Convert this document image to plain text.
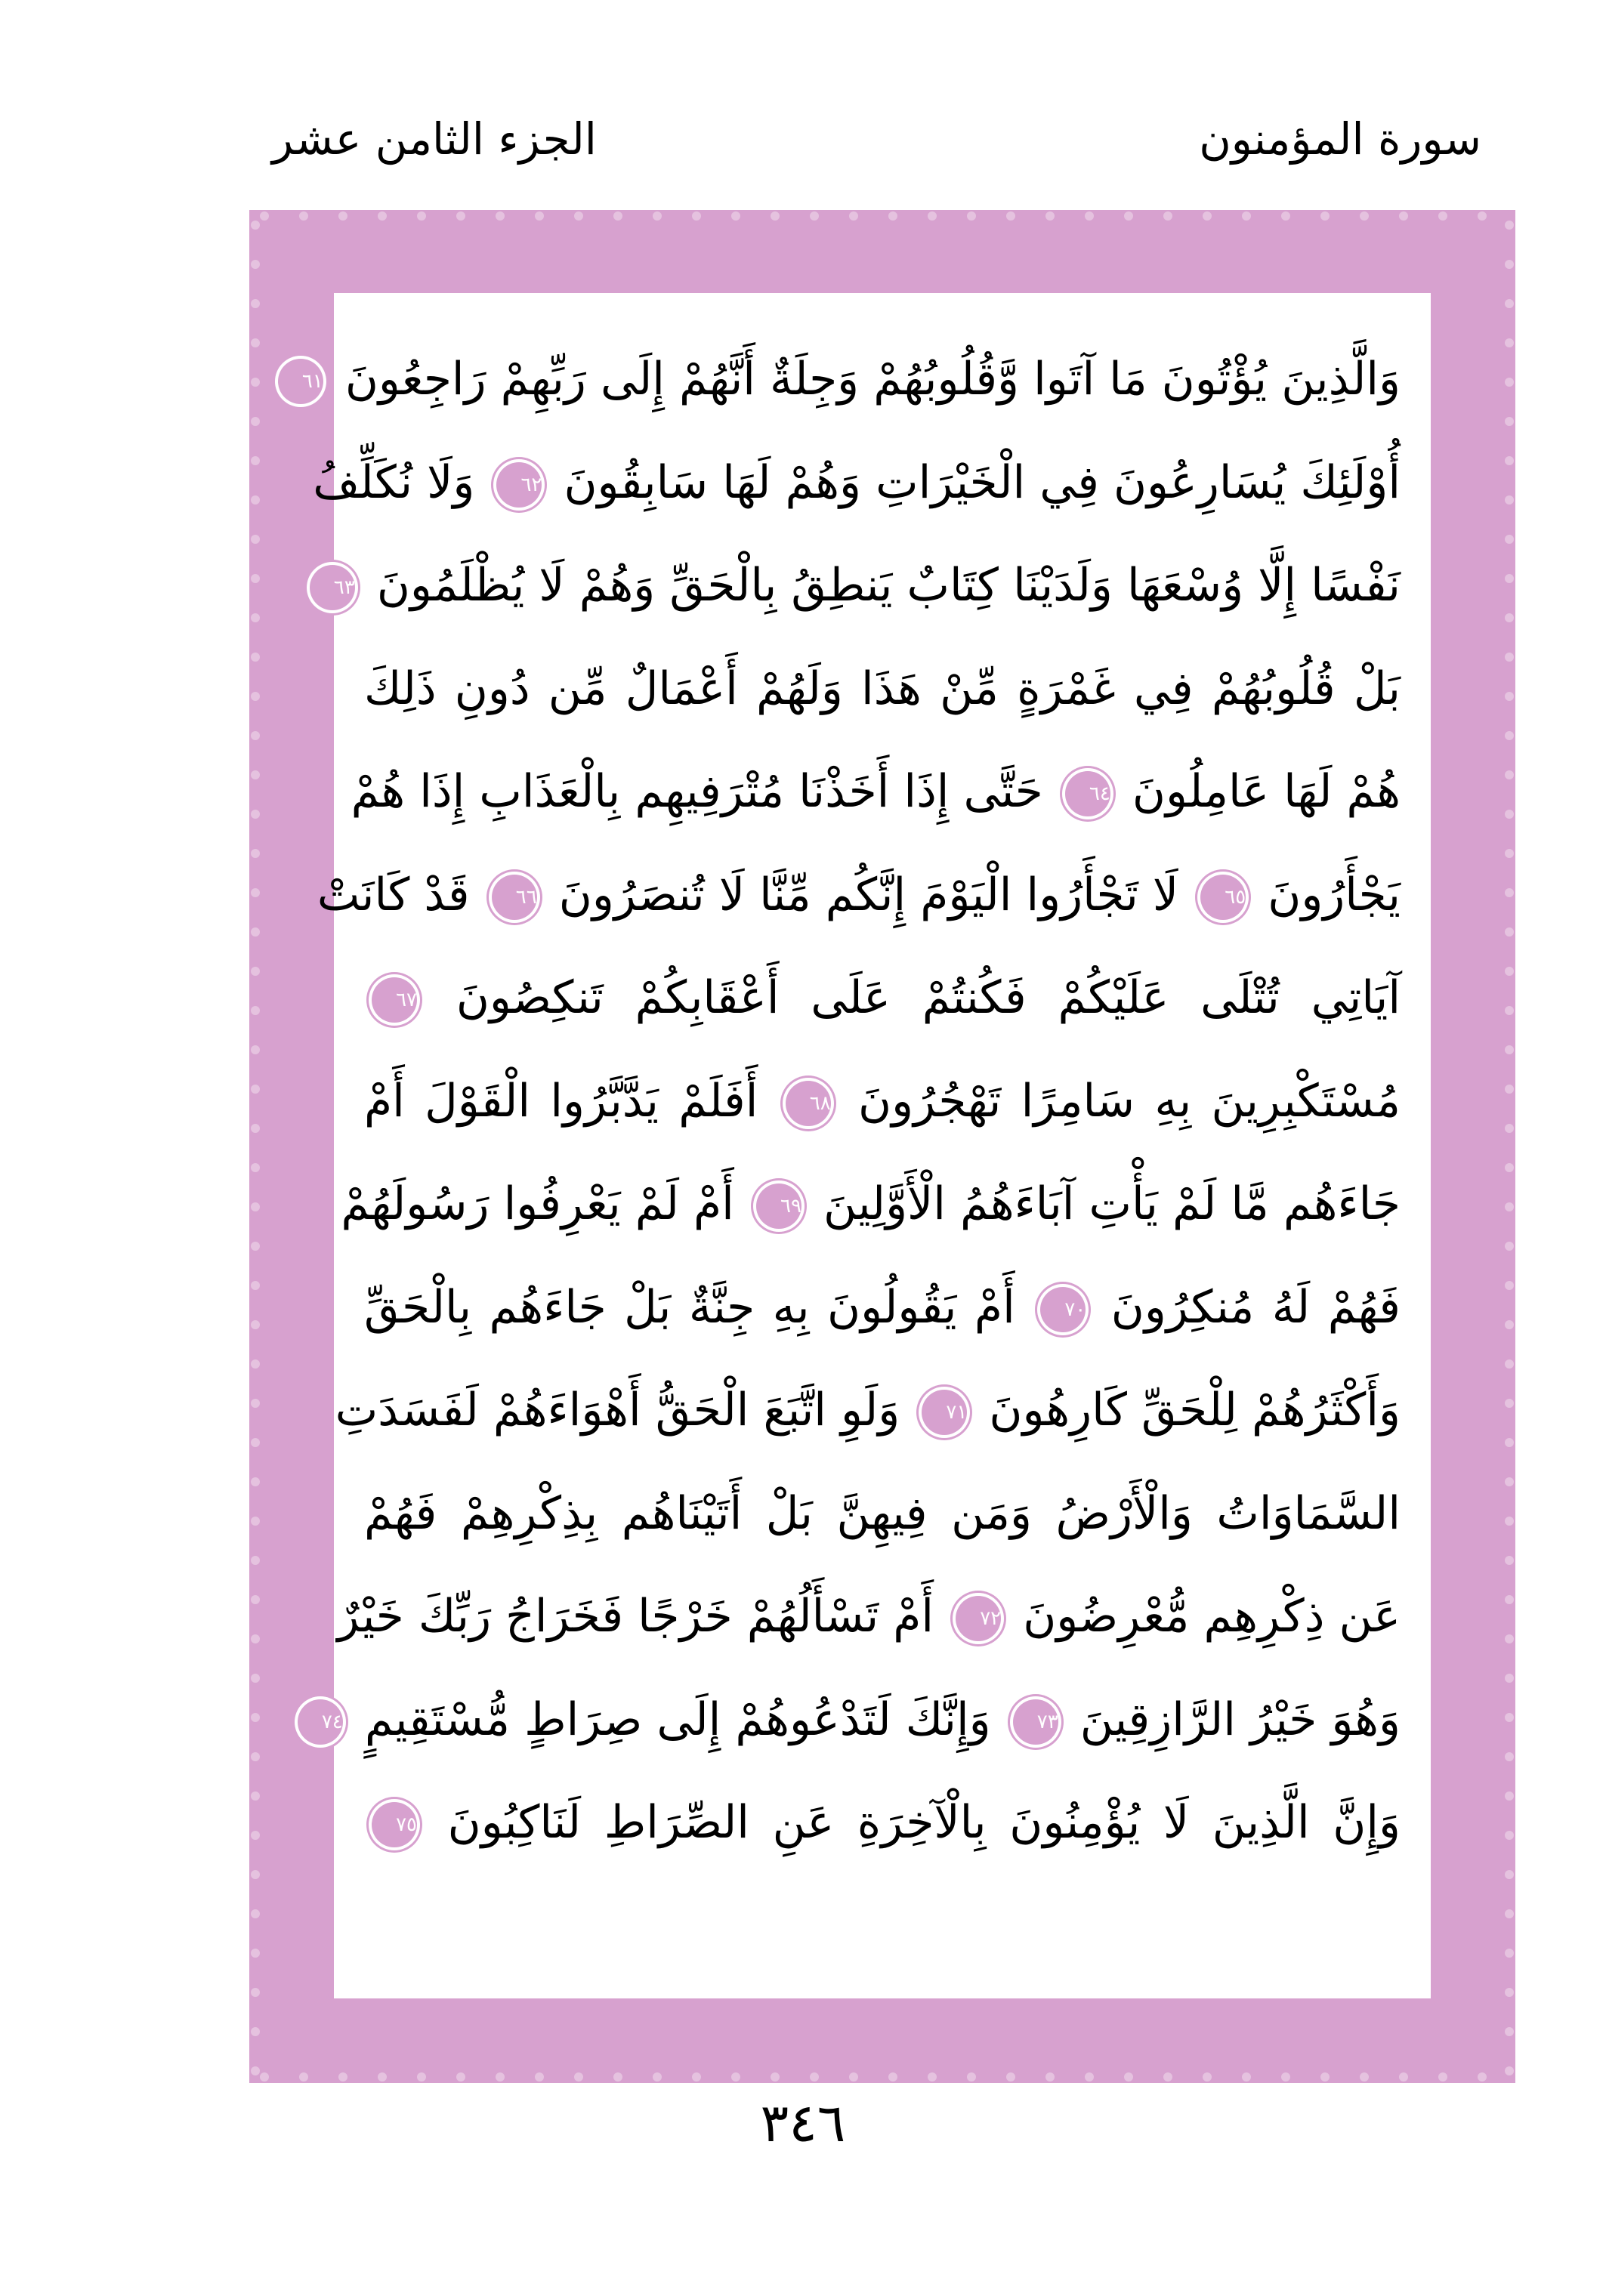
سورة المؤمنون
الجزء الثامن عشر
وَالَّذِينَ يُؤْتُونَ مَا آتَوا وَّقُلُوبُهُمْ وَجِلَةٌ أَنَّهُمْ إِلَى رَبِّهِمْ رَاجِعُونَ ٦١
أُوْلَئِكَ يُسَارِعُونَ فِي الْخَيْرَاتِ وَهُمْ لَهَا سَابِقُونَ ٦٢ وَلَا نُكَلِّفُ
نَفْسًا إِلَّا وُسْعَهَا وَلَدَيْنَا كِتَابٌ يَنطِقُ بِالْحَقِّ وَهُمْ لَا يُظْلَمُونَ ٦٣
بَلْ قُلُوبُهُمْ فِي غَمْرَةٍ مِّنْ هَذَا وَلَهُمْ أَعْمَالٌ مِّن دُونِ ذَلِكَ
هُمْ لَهَا عَامِلُونَ ٦٤ حَتَّى إِذَا أَخَذْنَا مُتْرَفِيهِم بِالْعَذَابِ إِذَا هُمْ
يَجْأَرُونَ ٦٥ لَا تَجْأَرُوا الْيَوْمَ إِنَّكُم مِّنَّا لَا تُنصَرُونَ ٦٦ قَدْ كَانَتْ
آيَاتِي تُتْلَى عَلَيْكُمْ فَكُنتُمْ عَلَى أَعْقَابِكُمْ تَنكِصُونَ ٦٧
مُسْتَكْبِرِينَ بِهِ سَامِرًا تَهْجُرُونَ ٦٨ أَفَلَمْ يَدَّبَّرُوا الْقَوْلَ أَمْ
جَاءَهُم مَّا لَمْ يَأْتِ آبَاءَهُمُ الْأَوَّلِينَ ٦٩ أَمْ لَمْ يَعْرِفُوا رَسُولَهُمْ
فَهُمْ لَهُ مُنكِرُونَ ٧٠ أَمْ يَقُولُونَ بِهِ جِنَّةٌ بَلْ جَاءَهُم بِالْحَقِّ
وَأَكْثَرُهُمْ لِلْحَقِّ كَارِهُونَ ٧١ وَلَوِ اتَّبَعَ الْحَقُّ أَهْوَاءَهُمْ لَفَسَدَتِ
السَّمَاوَاتُ وَالْأَرْضُ وَمَن فِيهِنَّ بَلْ أَتَيْنَاهُم بِذِكْرِهِمْ فَهُمْ
عَن ذِكْرِهِم مُّعْرِضُونَ ٧٢ أَمْ تَسْأَلُهُمْ خَرْجًا فَخَرَاجُ رَبِّكَ خَيْرٌ
وَهُوَ خَيْرُ الرَّازِقِينَ ٧٣ وَإِنَّكَ لَتَدْعُوهُمْ إِلَى صِرَاطٍ مُّسْتَقِيمٍ ٧٤
وَإِنَّ الَّذِينَ لَا يُؤْمِنُونَ بِالْآخِرَةِ عَنِ الصِّرَاطِ لَنَاكِبُونَ ٧٥
٣٤٦
